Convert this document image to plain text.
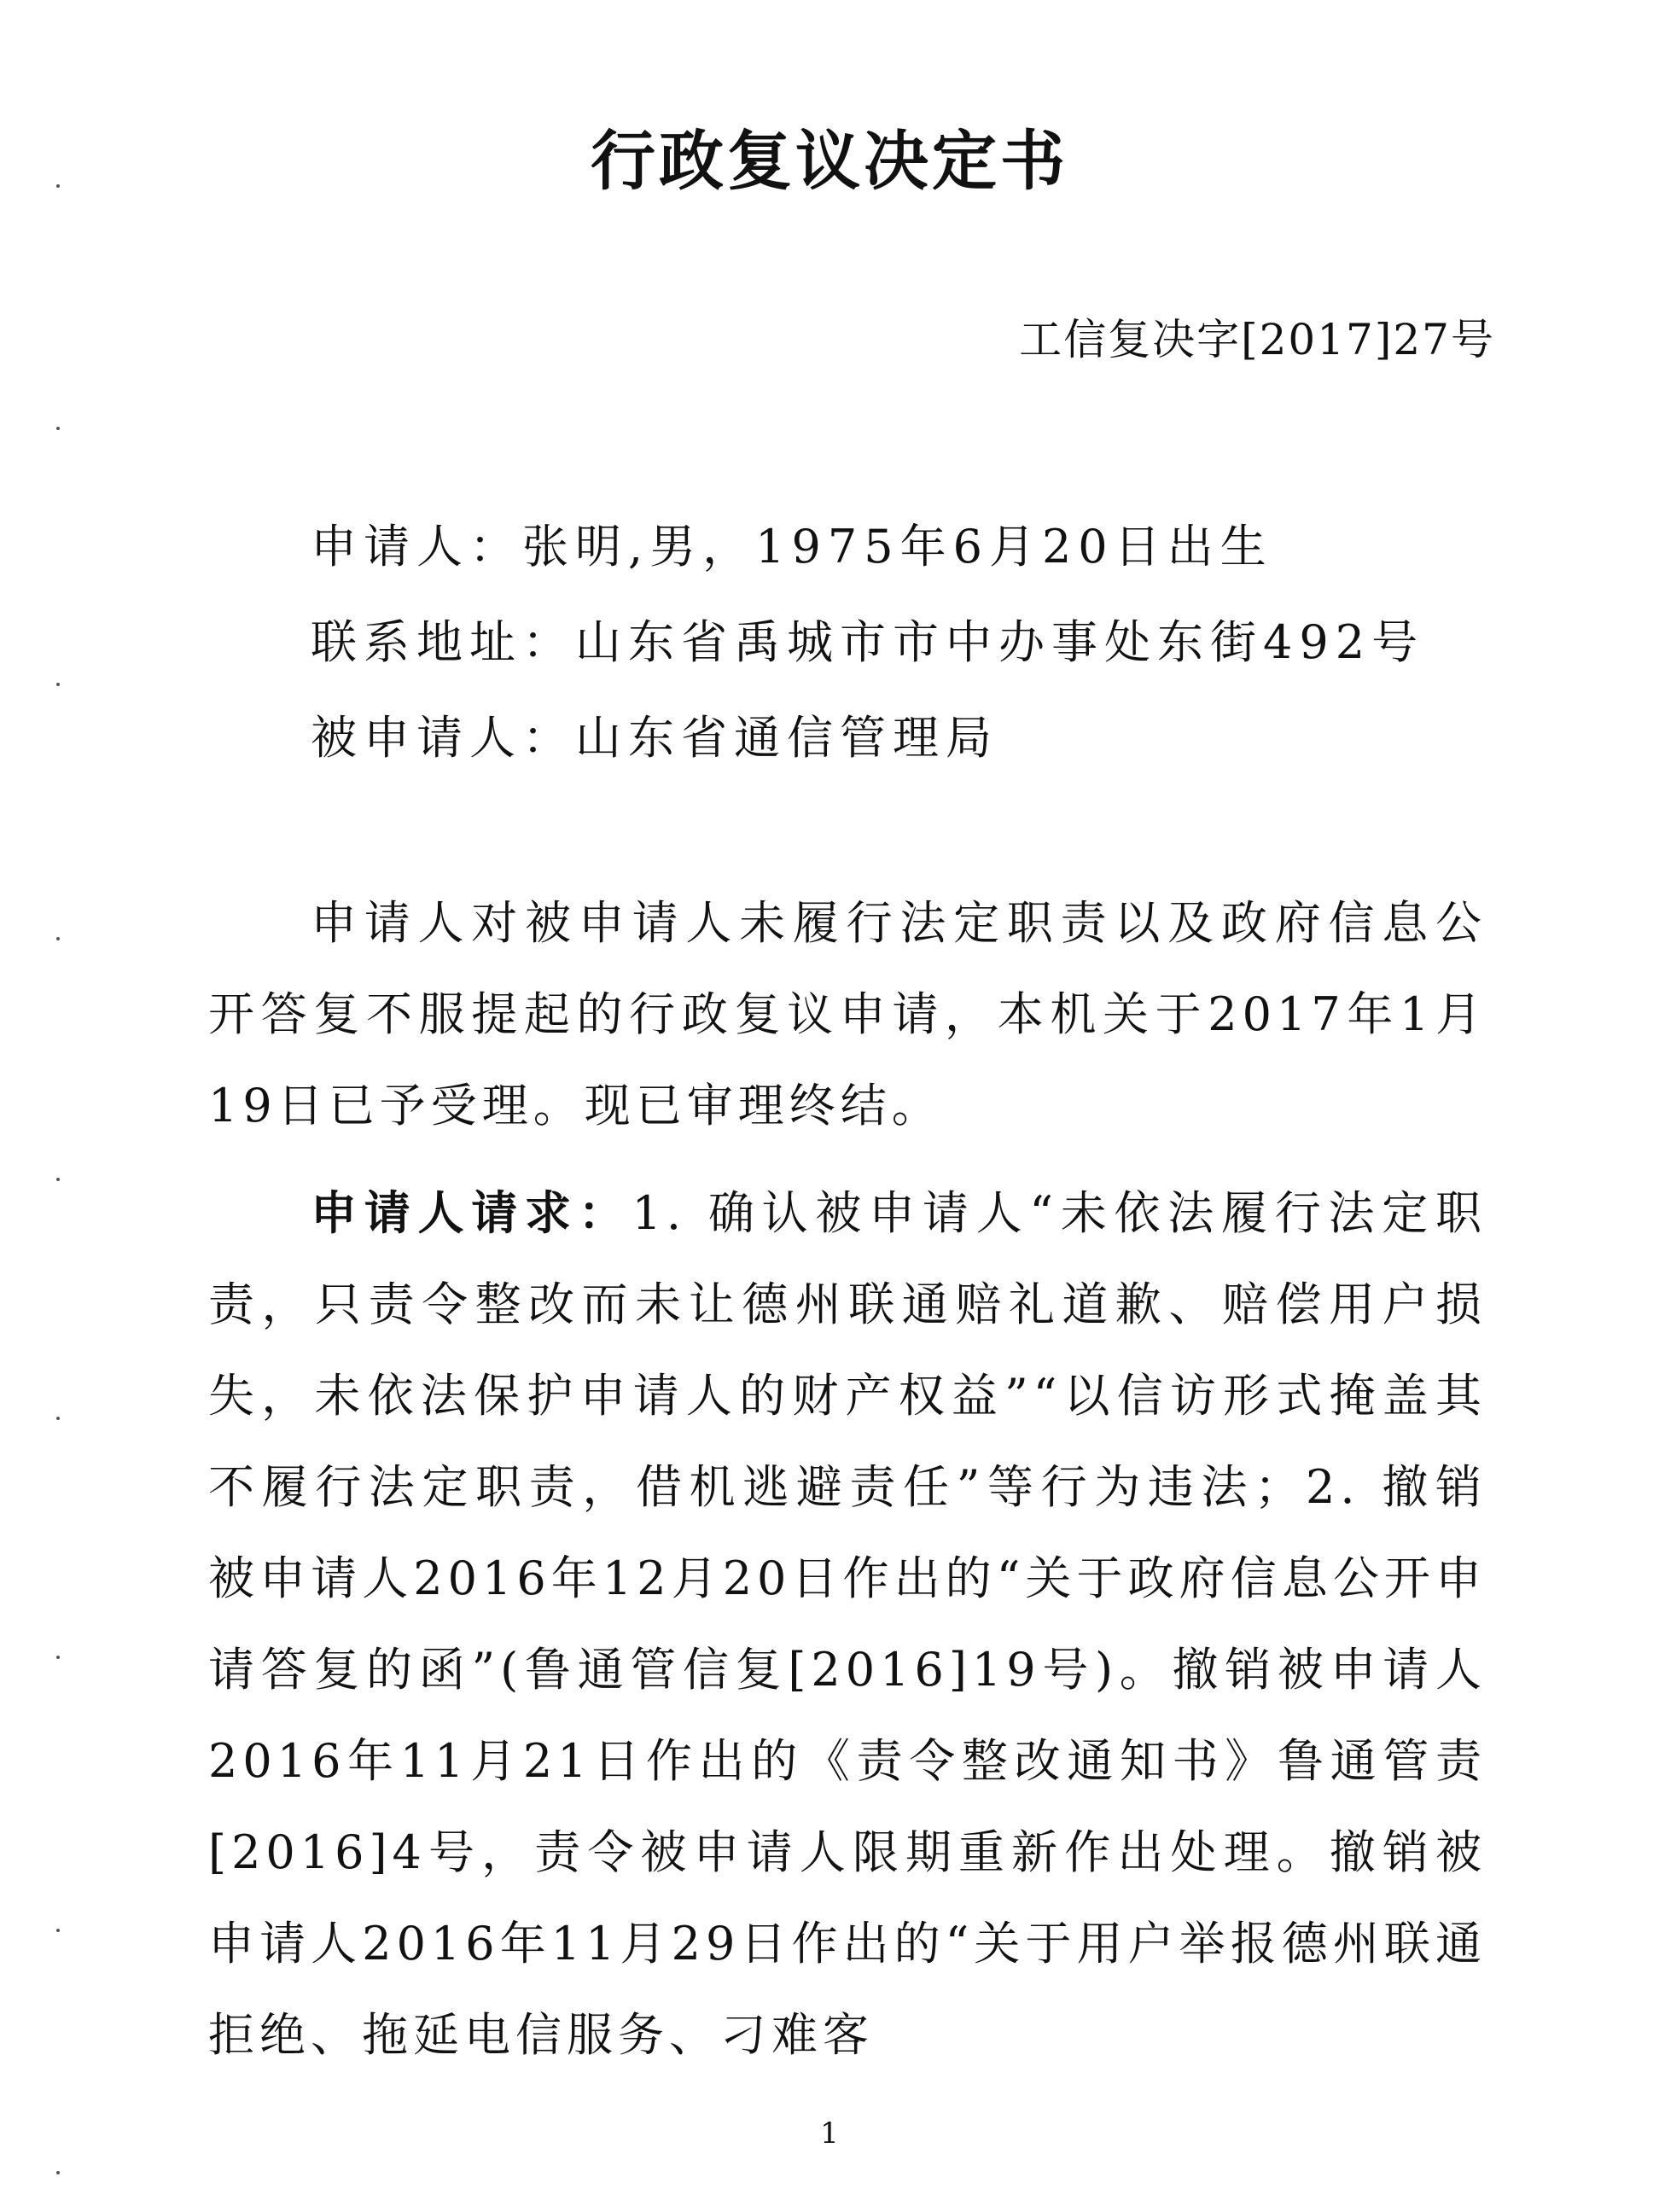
行政复议决定书
工信复决字[2017]27号
申请人：张明,男，1975年6月20日出生
联系地址：山东省禹城市市中办事处东街492号
被申请人：山东省通信管理局
申请人对被申请人未履行法定职责以及政府信息公开答复不服提起的行政复议申请，本机关于2017年1月19日已予受理。现已审理终结。
申请人请求：1. 确认被申请人“未依法履行法定职责，只责令整改而未让德州联通赔礼道歉、赔偿用户损失，未依法保护申请人的财产权益”“以信访形式掩盖其不履行法定职责，借机逃避责任”等行为违法；2. 撤销被申请人2016年12月20日作出的“关于政府信息公开申请答复的函”(鲁通管信复[2016]19号)。撤销被申请人2016年11月21日作出的《责令整改通知书》鲁通管责[2016]4号，责令被申请人限期重新作出处理。撤销被申请人2016年11月29日作出的“关于用户举报德州联通拒绝、拖延电信服务、刁难客
1
